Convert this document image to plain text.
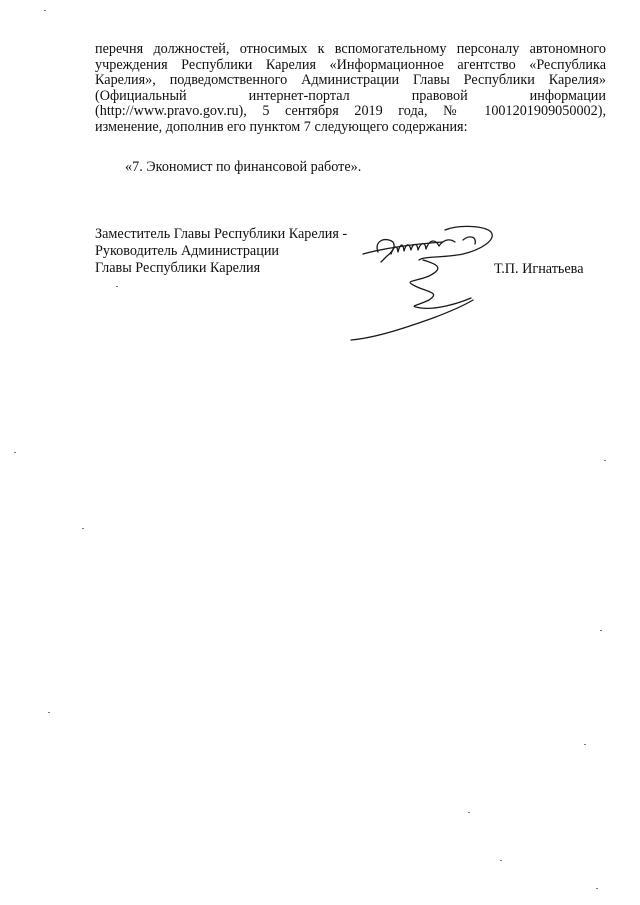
перечня должностей, относимых к вспомогательному персоналу автономного
учреждения Республики Карелия «Информационное агентство «Республика
Карелия», подведомственного Администрации Главы Республики Карелия»
(Официальный интернет-портал правовой информации
(http://www.pravo.gov.ru), 5 сентября 2019 года, № 1001201909050002),
изменение, дополнив его пунктом 7 следующего содержания:

«7. Экономист по финансовой работе».
Заместитель Главы Республики Карелия -
Руководитель Администрации
Главы Республики Карелия	Т.П. Игнатьева
